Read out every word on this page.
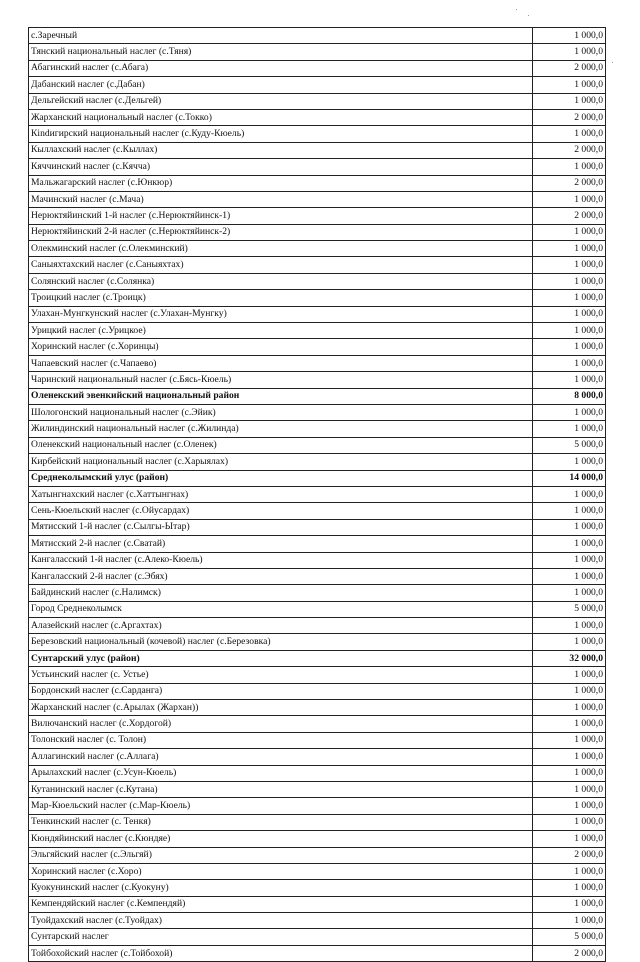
с.Заречный	1 000,0
Тянский национальный наслег (с.Тяня)	1 000,0
Абагинский наслег (с.Абага)	2 000,0
Дабанский наслег (с.Дабан)	1 000,0
Дельгейский наслег (с.Дельгей)	1 000,0
Жарханский национальный наслег (с.Токко)	2 000,0
Кindигирский национальный наслег (с.Куду-Кюель)	1 000,0
Кыллахский наслег (с.Кыллах)	2 000,0
Кяччинский наслег (с.Кячча)	1 000,0
Мальжагарский наслег (с.Юнкюр)	2 000,0
Мачинский наслег (с.Мача)	1 000,0
Нерюктяйинский 1-й наслег (с.Нерюктяйинск-1)	2 000,0
Нерюктяйинский 2-й наслег (с.Нерюктяйинск-2)	1 000,0
Олекминский наслег (с.Олекминский)	1 000,0
Саныяхтахский наслег (с.Саныяхтах)	1 000,0
Солянский наслег (с.Солянка)	1 000,0
Троицкий наслег (с.Троицк)	1 000,0
Улахан-Мунгкунский наслег (с.Улахан-Мунгку)	1 000,0
Урицкий наслег (с.Урицкое)	1 000,0
Хоринский наслег (с.Хоринцы)	1 000,0
Чапаевский наслег (с.Чапаево)	1 000,0
Чаринский национальный наслег (с.Бясь-Кюель)	1 000,0
Оленекский эвенкийский национальный район	8 000,0
Шологонский национальный наслег (с.Эйик)	1 000,0
Жилиндинский национальный наслег (с.Жилинда)	1 000,0
Оленекский национальный наслег (с.Оленек)	5 000,0
Кирбейский национальный наслег (с.Харыялах)	1 000,0
Среднеколымский улус (район)	14 000,0
Хатынгнахский наслег (с.Хаттынгнах)	1 000,0
Сень-Кюельский наслег (с.Ойусардах)	1 000,0
Мятисский 1-й наслег (с.Сылгы-Ытар)	1 000,0
Мятисский 2-й наслег (с.Сватай)	1 000,0
Кангаласский 1-й наслег (с.Алеко-Кюель)	1 000,0
Кангаласский 2-й наслег (с.Эбях)	1 000,0
Байдинский наслег (с.Налимск)	1 000,0
Город Среднеколымск	5 000,0
Алазейский наслег (с.Аргахтах)	1 000,0
Березовский национальный (кочевой) наслег (с.Березовка)	1 000,0
Сунтарский улус (район)	32 000,0
Устьинский наслег (с. Устье)	1 000,0
Бордонский наслег (с.Сарданга)	1 000,0
Жарханский наслег (с.Арылах (Жархан))	1 000,0
Вилючанский наслег (с.Хордогой)	1 000,0
Толонский наслег (с. Толон)	1 000,0
Аллагинский наслег (с.Аллага)	1 000,0
Арылахский наслег (с.Усун-Кюель)	1 000,0
Кутанинский наслег (с.Кутана)	1 000,0
Мар-Кюельский наслег (с.Мар-Кюель)	1 000,0
Тенкинский наслег (с. Тенкя)	1 000,0
Кюндяйинский наслег (с.Кюндяе)	1 000,0
Эльгяйский наслег (с.Эльгяй)	2 000,0
Хоринский наслег (с.Хоро)	1 000,0
Куокунинский наслег (с.Куокуну)	1 000,0
Кемпендяйский наслег (с.Кемпендяй)	1 000,0
Туойдахский наслег (с.Туойдах)	1 000,0
Сунтарский наслег	5 000,0
Тойбохойский наслег (с.Тойбохой)	2 000,0
